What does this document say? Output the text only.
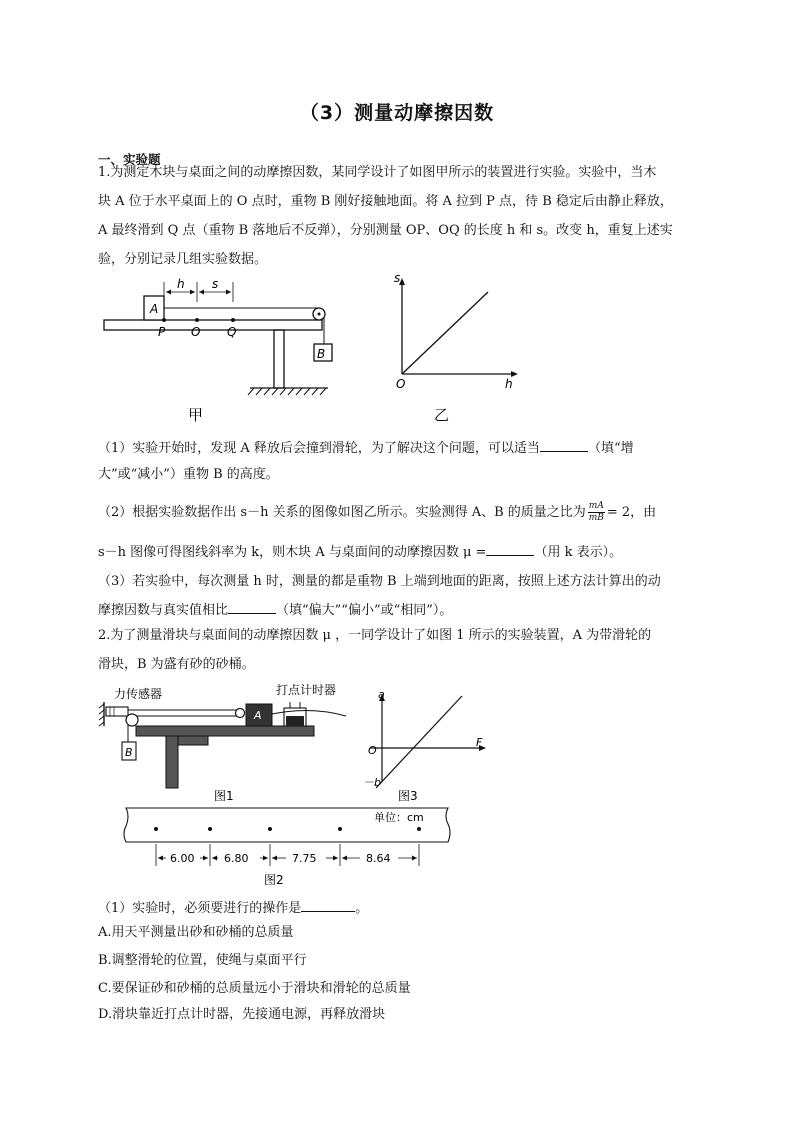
（3）测量动摩擦因数
一、实验题
1.为测定木块与桌面之间的动摩擦因数，某同学设计了如图甲所示的装置进行实验。实验中，当木
块 A 位于水平桌面上的 O 点时，重物 B 刚好接触地面。将 A 拉到 P 点，待 B 稳定后由静止释放，
A 最终滑到 Q 点（重物 B 落地后不反弹），分别测量 OP、OQ 的长度 h 和 s。改变 h，重复上述实
验，分别记录几组实验数据。
A
B
P O Q
h s
甲
s
h
O
乙
（1）实验开始时，发现 A 释放后会撞到滑轮，为了解决这个问题，可以适当	（填“增
大”或“减小”）重物 B 的高度。
（2）根据实验数据作出 s－h 关系的图像如图乙所示。实验测得 A、B 的质量之比为 $\frac{mA}{mB} = 2$，由
s－h 图像可得图线斜率为 k，则木块 A 与桌面间的动摩擦因数 μ =	（用 k 表示）。
（3）若实验中，每次测量 h 时，测量的都是重物 B 上端到地面的距离，按照上述方法计算出的动
摩擦因数与真实值相比	（填“偏大”“偏小”或“相同”）。
2.为了测量滑块与桌面间的动摩擦因数 μ ，一同学设计了如图 1 所示的实验装置，A 为带滑轮的
滑块，B 为盛有砂的砂桶。
力传感器
B
A
打点计时器
图1
a
F
O
－b
图3
单位：cm
6.00	6.80	7.75	8.64
图2
（1）实验时，必须要进行的操作是	。
A.用天平测量出砂和砂桶的总质量
B.调整滑轮的位置，使绳与桌面平行
C.要保证砂和砂桶的总质量远小于滑块和滑轮的总质量
D.滑块靠近打点计时器，先接通电源，再释放滑块
